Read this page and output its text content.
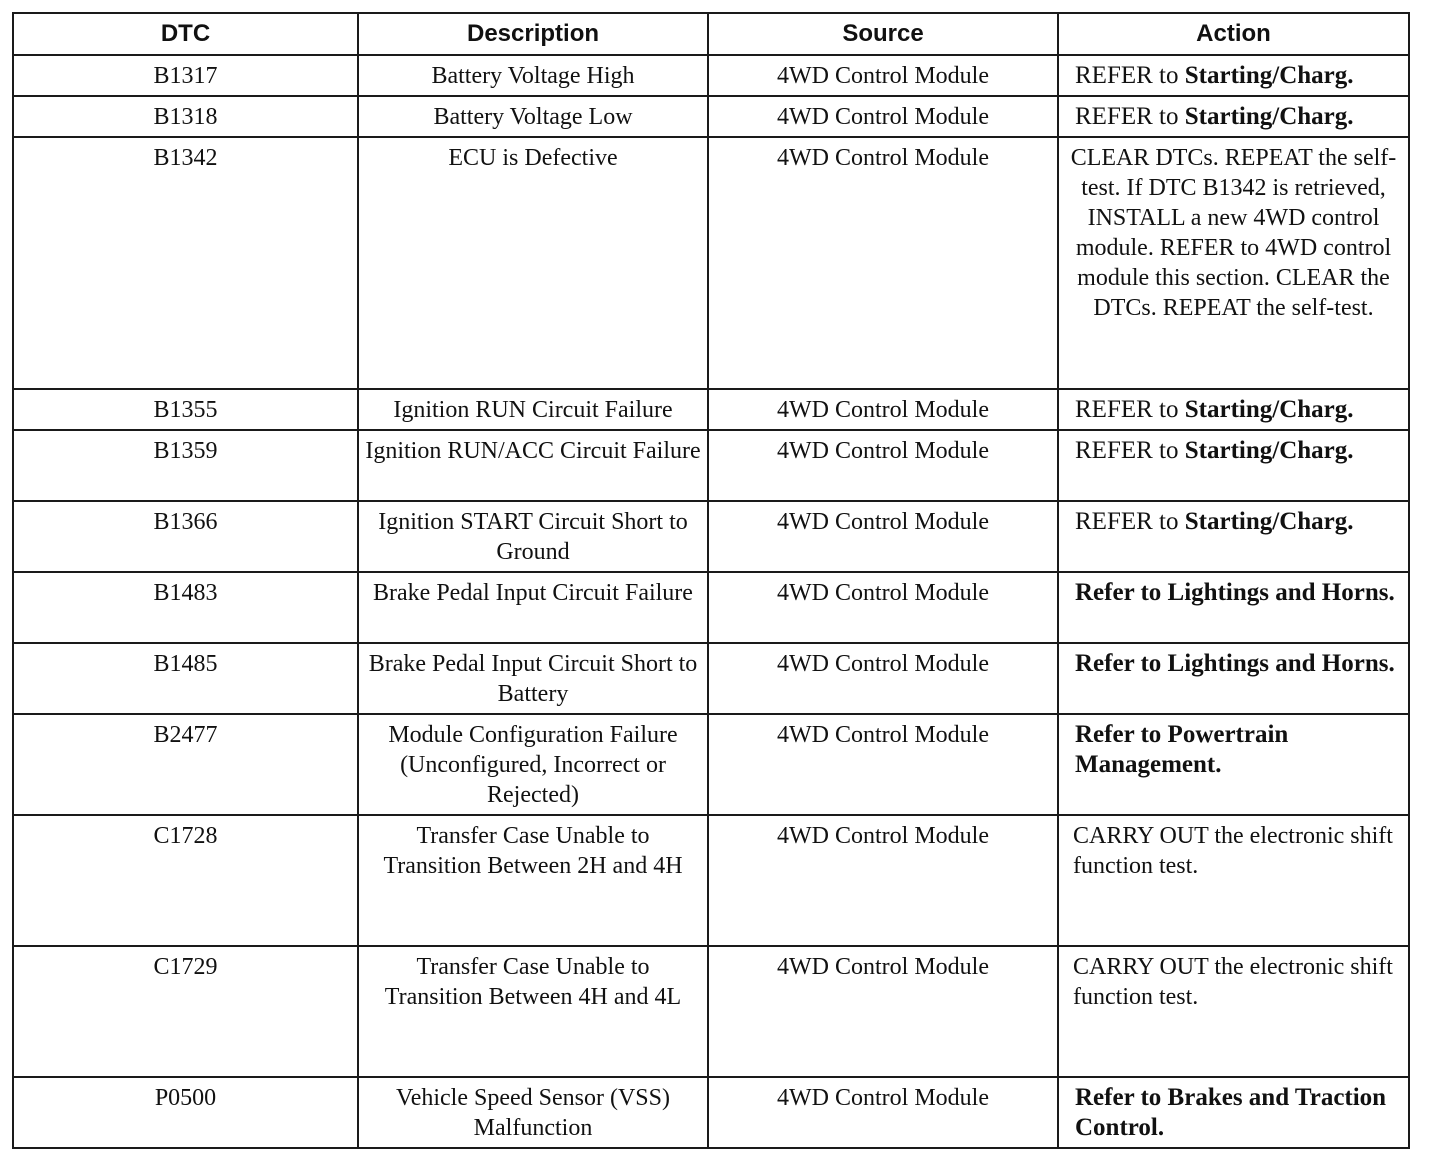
DTC	Description	Source	Action
B1317	Battery Voltage High	4WD Control Module	REFER to Starting/Charg.
B1318	Battery Voltage Low	4WD Control Module	REFER to Starting/Charg.
B1342	ECU is Defective	4WD Control Module	CLEAR DTCs. REPEAT the self-test. If DTC B1342 is retrieved, INSTALL a new 4WD control module. REFER to 4WD control module this section. CLEAR the DTCs. REPEAT the self-test.
B1355	Ignition RUN Circuit Failure	4WD Control Module	REFER to Starting/Charg.
B1359	Ignition RUN/ACC Circuit Failure	4WD Control Module	REFER to Starting/Charg.
B1366	Ignition START Circuit Short to Ground	4WD Control Module	REFER to Starting/Charg.
B1483	Brake Pedal Input Circuit Failure	4WD Control Module	Refer to Lightings and Horns.
B1485	Brake Pedal Input Circuit Short to Battery	4WD Control Module	Refer to Lightings and Horns.
B2477	Module Configuration Failure (Unconfigured, Incorrect or Rejected)	4WD Control Module	Refer to Powertrain Management.
C1728	Transfer Case Unable to Transition Between 2H and 4H	4WD Control Module	CARRY OUT the electronic shift function test.
C1729	Transfer Case Unable to Transition Between 4H and 4L	4WD Control Module	CARRY OUT the electronic shift function test.
P0500	Vehicle Speed Sensor (VSS) Malfunction	4WD Control Module	Refer to Brakes and Traction Control.
